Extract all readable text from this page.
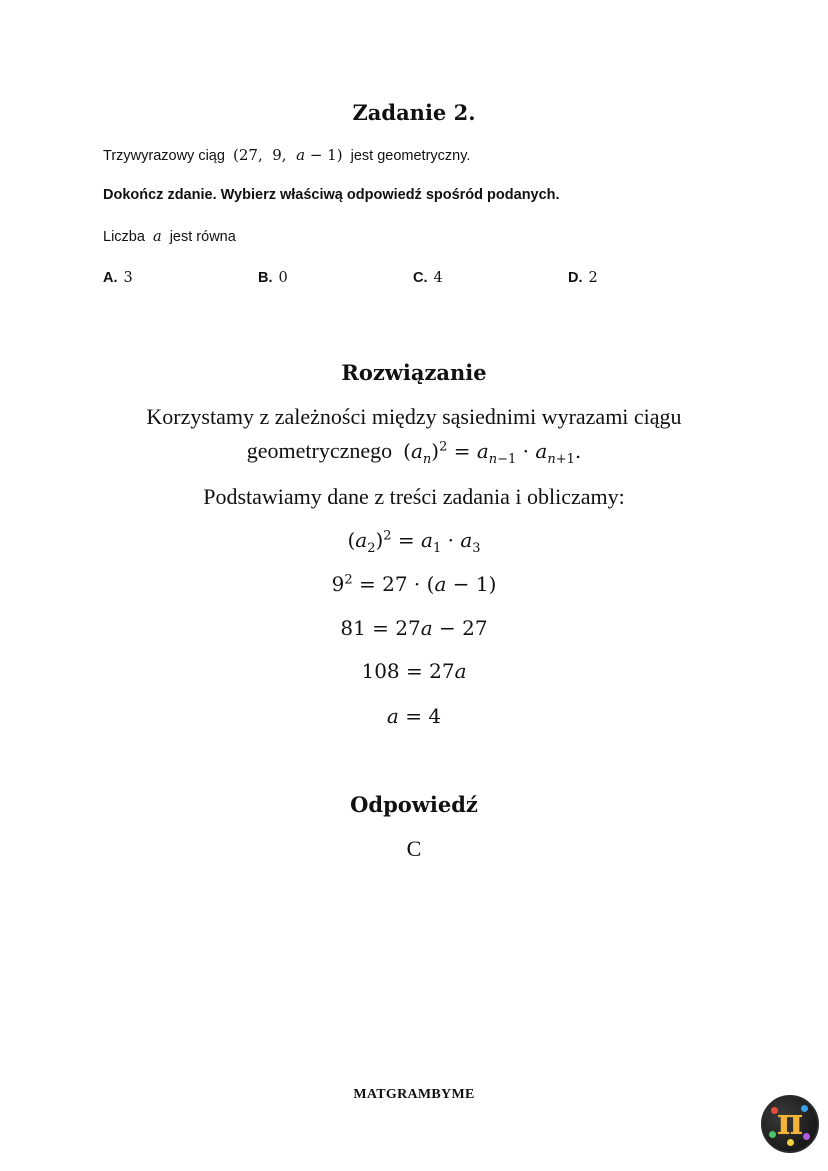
Zadanie 2.
Trzywyrazowy ciąg (27,  9,  a − 1) jest geometryczny.
Dokończ zdanie. Wybierz właściwą odpowiedź spośród podanych.
Liczba a jest równa
A. 3	B. 0	C. 4	D. 2
Rozwiązanie
Korzystamy z zależności między sąsiednimi wyrazami ciągu
geometrycznego $(a_n)^2 = a_{n-1} \cdot a_{n+1}$.
Podstawiamy dane z treści zadania i obliczamy:
$(a_2)^2 = a_1 \cdot a_3$
$9^2 = 27 \cdot (a - 1)$
81 = 27a − 27
108 = 27a
a = 4
Odpowiedź
C
MATGRAMBYME
π
